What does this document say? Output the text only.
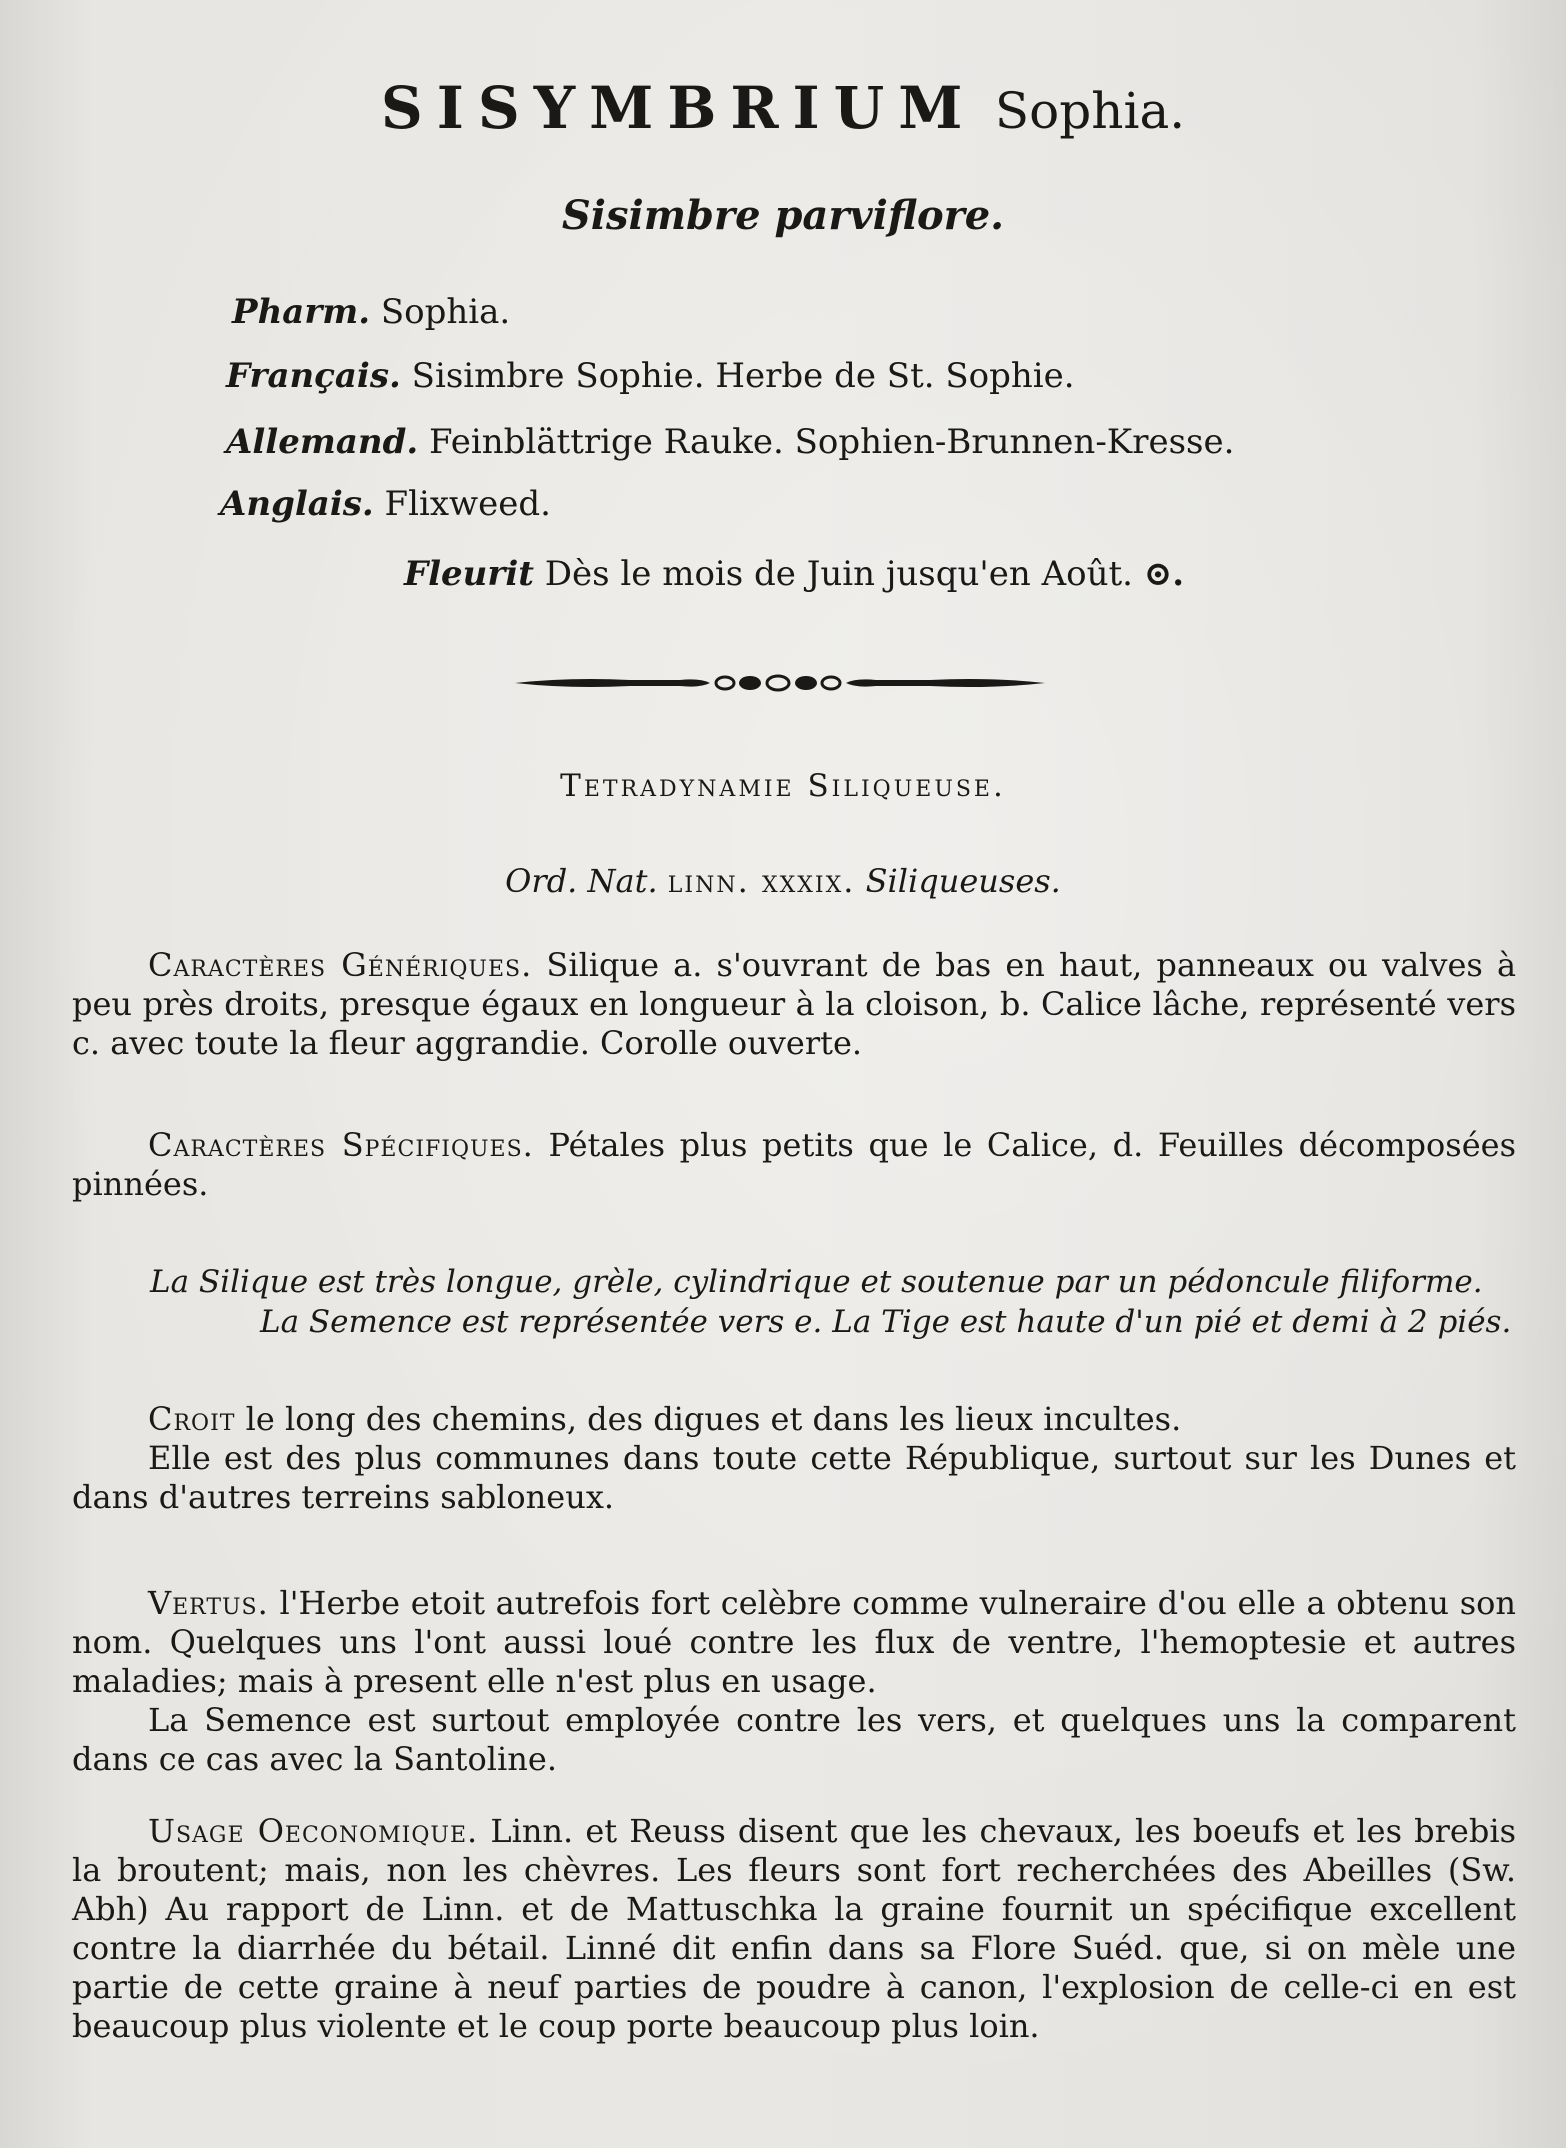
SISYMBRIUM Sophia.
Sisimbre parviflore.
Pharm. Sophia.
Français. Sisimbre Sophie. Herbe de St. Sophie.
Allemand. Feinblättrige Rauke. Sophien-Brunnen-Kresse.
Anglais. Flixweed.
Fleurit Dès le mois de Juin jusqu'en Août. ⊙.
Tetradynamie Siliqueuse.
Ord. Nat. linn. xxxix. Siliqueuses.
Caractères Génériques. Silique a. s'ouvrant de bas en haut, panneaux ou valves à peu près droits, presque égaux en longueur à la cloison, b. Calice lâche, représenté vers c. avec toute la fleur aggrandie. Corolle ouverte.
Caractères Spécifiques. Pétales plus petits que le Calice, d. Feuilles décomposées pinnées.
La Silique est très longue, grèle, cylindrique et soutenue par un pédoncule filiforme.
La Semence est représentée vers e. La Tige est haute d'un pié et demi à 2 piés.
Croit le long des chemins, des digues et dans les lieux incultes.
Elle est des plus communes dans toute cette République, surtout sur les Dunes et dans d'autres terreins sabloneux.
Vertus. l'Herbe etoit autrefois fort celèbre comme vulneraire d'ou elle a obtenu son nom. Quelques uns l'ont aussi loué contre les flux de ventre, l'hemoptesie et autres maladies; mais à present elle n'est plus en usage.
La Semence est surtout employée contre les vers, et quelques uns la comparent dans ce cas avec la Santoline.
Usage Oeconomique. Linn. et Reuss disent que les chevaux, les boeufs et les brebis la broutent; mais, non les chèvres. Les fleurs sont fort recherchées des Abeilles (Sw. Abh) Au rapport de Linn. et de Mattuschka la graine fournit un spécifique excellent contre la diarrhée du bétail. Linné dit enfin dans sa Flore Suéd. que, si on mèle une partie de cette graine à neuf parties de poudre à canon, l'explosion de celle-ci en est beaucoup plus violente et le coup porte beaucoup plus loin.
